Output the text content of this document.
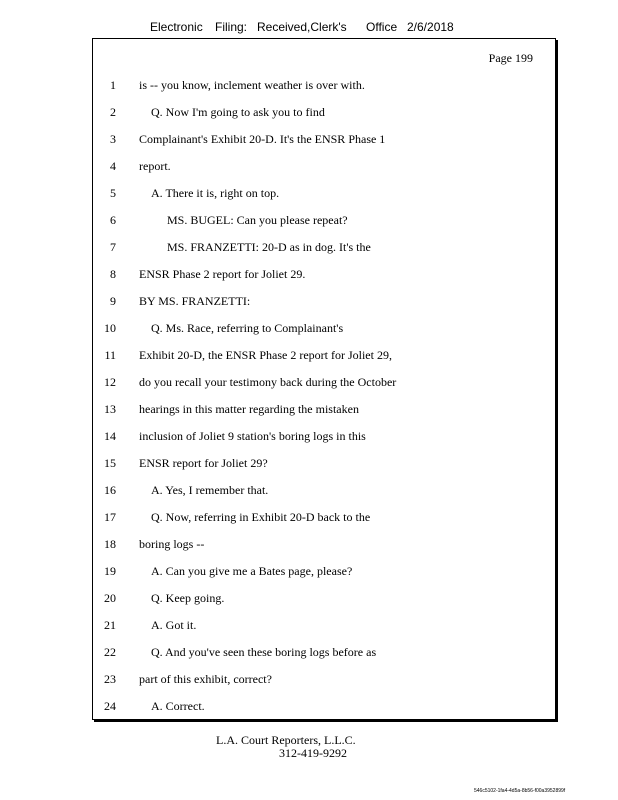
Electronic Filing: Received,Clerk's Office 2/6/2018
Page 199
1 is -- you know, inclement weather is over with.
2	Q. Now I'm going to ask you to find
3 Complainant's Exhibit 20-D. It's the ENSR Phase 1
4 report.
5	A. There it is, right on top.
6	MS. BUGEL: Can you please repeat?
7	MS. FRANZETTI: 20-D as in dog. It's the
8 ENSR Phase 2 report for Joliet 29.
9 BY MS. FRANZETTI:
10	Q. Ms. Race, referring to Complainant's
11 Exhibit 20-D, the ENSR Phase 2 report for Joliet 29,
12 do you recall your testimony back during the October
13 hearings in this matter regarding the mistaken
14 inclusion of Joliet 9 station's boring logs in this
15 ENSR report for Joliet 29?
16	A. Yes, I remember that.
17	Q. Now, referring in Exhibit 20-D back to the
18 boring logs --
19	A. Can you give me a Bates page, please?
20	Q. Keep going.
21	A. Got it.
22	Q. And you've seen these boring logs before as
23 part of this exhibit, correct?
24	A. Correct.
L.A. Court Reporters, L.L.C.
312-419-9292
546c5102-1fa4-4d5a-8b56-f00a3952899f
